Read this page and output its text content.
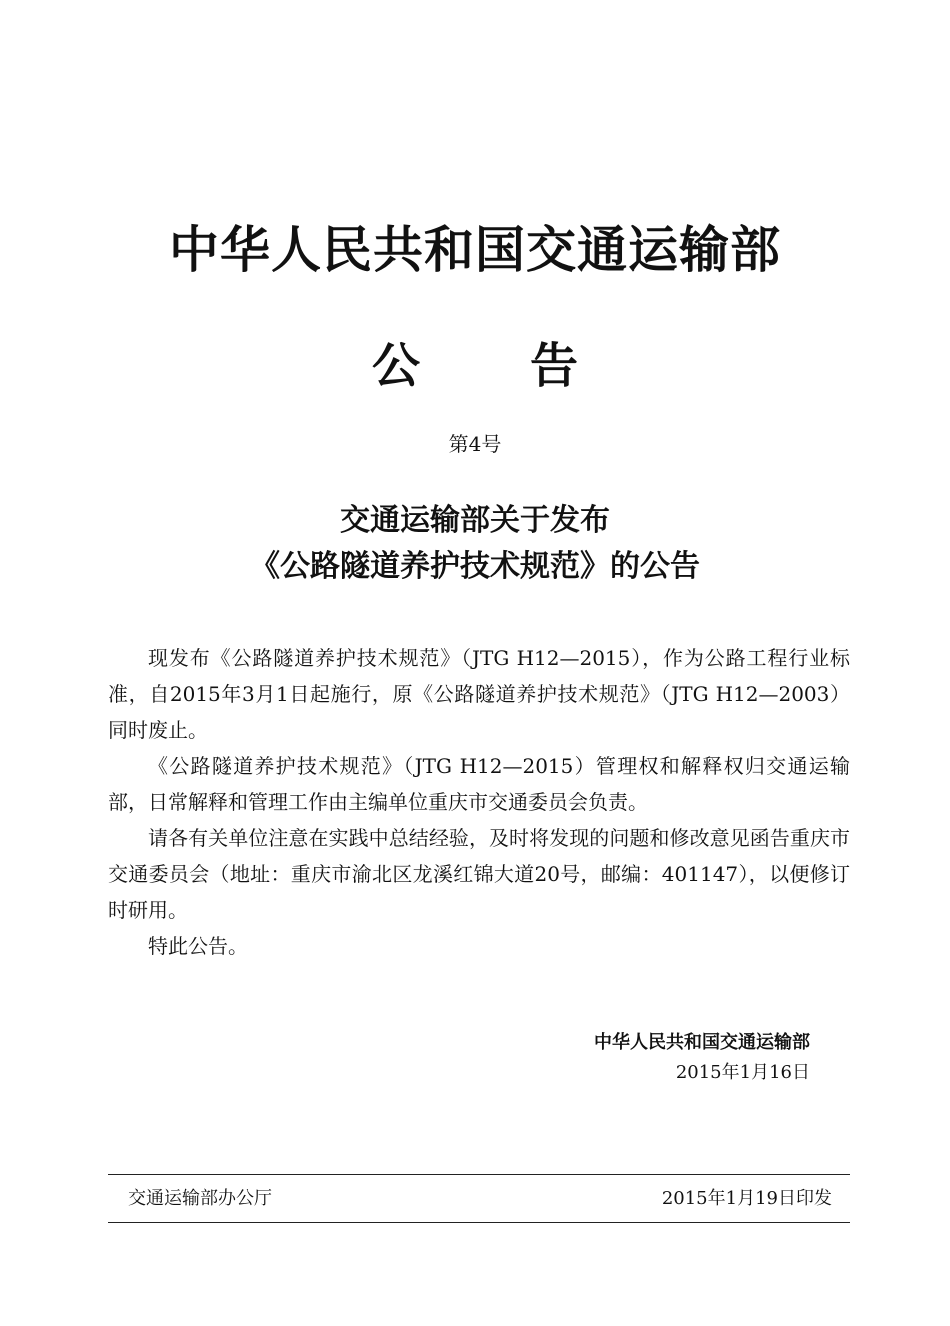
中华人民共和国交通运输部
公告
第4号
交通运输部关于发布
《公路隧道养护技术规范》的公告

现发布《公路隧道养护技术规范》（JTG H12—2015），作为公路工程行业标准，自2015年3月1日起施行，原《公路隧道养护技术规范》（JTG H12—2003）同时废止。

《公路隧道养护技术规范》（JTG H12—2015）管理权和解释权归交通运输部，日常解释和管理工作由主编单位重庆市交通委员会负责。

请各有关单位注意在实践中总结经验，及时将发现的问题和修改意见函告重庆市交通委员会（地址：重庆市渝北区龙溪红锦大道20号，邮编：401147），以便修订时研用。

特此公告。

中华人民共和国交通运输部
2015年1月16日
交通运输部办公厅	2015年1月19日印发
